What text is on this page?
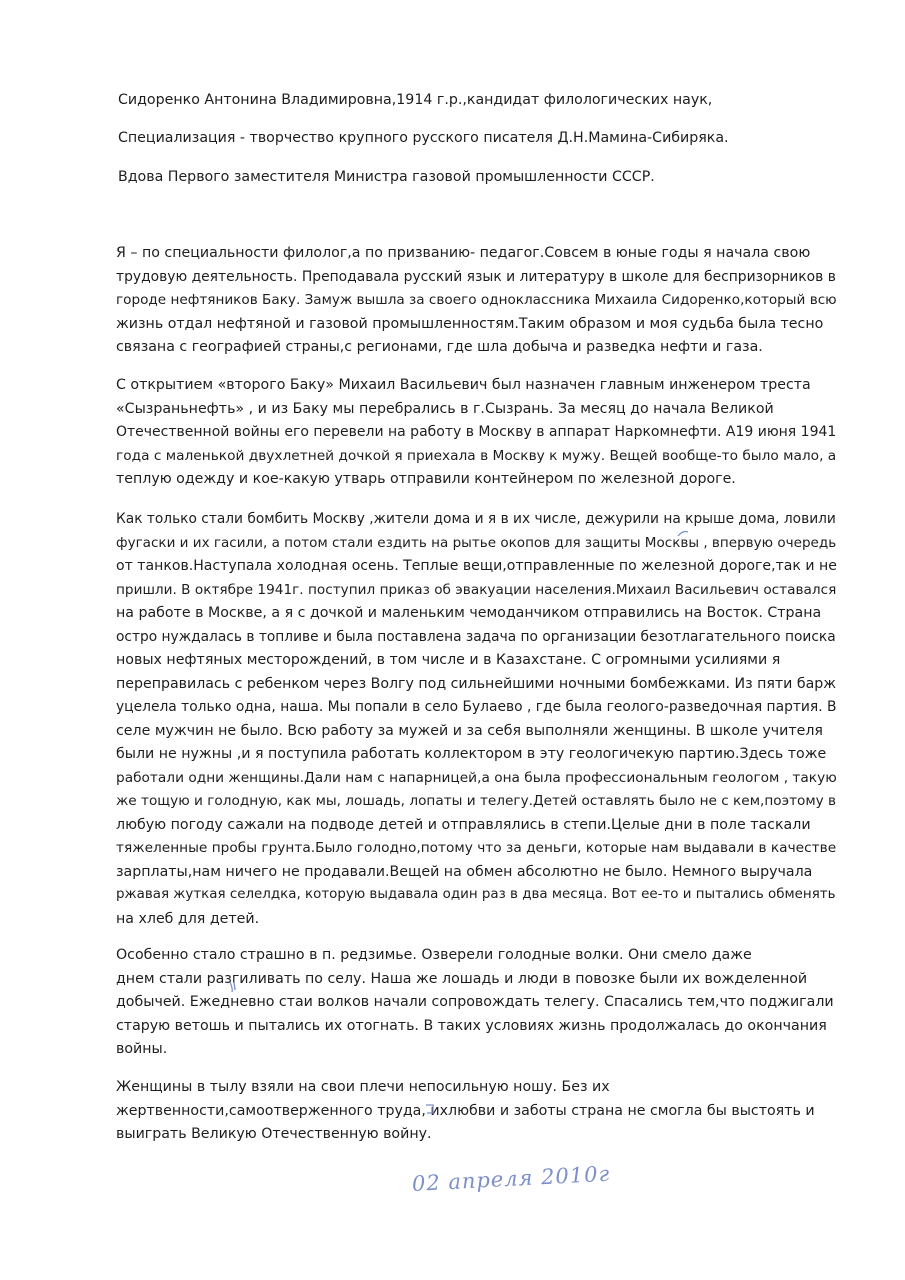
Сидоренко Антонина Владимировна,1914 г.р.,кандидат филологических наук,
Специализация - творчество крупного русского писателя Д.Н.Мамина-Сибиряка.
Вдова Первого заместителя Министра газовой промышленности СССР.
Я – по специальности филолог,а по призванию- педагог.Совсем в юные годы я начала свою
трудовую деятельность. Преподавала русский язык и литературу в школе для беспризорников в
городе нефтяников Баку. Замуж вышла за своего одноклассника Михаила Сидоренко,который всю
жизнь отдал нефтяной и газовой промышленностям.Таким образом и моя судьба была тесно
связана с географией страны,с регионами, где шла добыча и разведка нефти и газа.
С открытием «второго Баку» Михаил Васильевич был назначен главным инженером треста
«Сызраньнефть» , и из Баку мы перебрались в г.Сызрань. За месяц до начала Великой
Отечественной войны его перевели на работу в Москву в аппарат Наркомнефти. А19 июня 1941
года с маленькой двухлетней дочкой я приехала в Москву к мужу. Вещей вообще-то было мало, а
теплую одежду и кое-какую утварь отправили контейнером по железной дороге.
Как только стали бомбить Москву ,жители дома и я в их числе, дежурили на крыше дома, ловили
фугаски и их гасили, а потом стали ездить на рытье окопов для защиты Москвы , впервую очередь
от танков.Наступала холодная осень. Теплые вещи,отправленные по железной дороге,так и не
пришли. В октябре 1941г. поступил приказ об эвакуации населения.Михаил Васильевич оставался
на работе в Москве, а я с дочкой и маленьким чемоданчиком отправились на Восток. Страна
остро нуждалась в топливе и была поставлена задача по организации безотлагательного поиска
новых нефтяных месторождений, в том числе и в Казахстане. С огромными усилиями я
переправилась с ребенком через Волгу под сильнейшими ночными бомбежками. Из пяти барж
уцелела только одна, наша. Мы попали в село Булаево , где была геолого-разведочная партия. В
селе мужчин не было. Всю работу за мужей и за себя выполняли женщины. В школе учителя
были не нужны ,и я поступила работать коллектором в эту геологичекую партию.Здесь тоже
работали одни женщины.Дали нам с напарницей,а она была профессиональным геологом , такую
же тощую и голодную, как мы, лошадь, лопаты и телегу.Детей оставлять было не с кем,поэтому в
любую погоду сажали на подводе детей и отправлялись в степи.Целые дни в поле таскали
тяжеленные пробы грунта.Было голодно,потому что за деньги, которые нам выдавали в качестве
зарплаты,нам ничего не продавали.Вещей на обмен абсолютно не было. Немного выручала
ржавая жуткая селелдка, которую выдавала один раз в два месяца. Вот ее-то и пытались обменять
на хлеб для детей.
Особенно стало страшно в п. редзимье. Озверели голодные волки. Они смело даже
днем стали разгиливать по селу. Наша же лошадь и люди в повозке были их вожделенной
добычей. Ежедневно стаи волков начали сопровождать телегу. Спасались тем,что поджигали
старую ветошь и пытались их отогнать. В таких условиях жизнь продолжалась до окончания
войны.
Женщины в тылу взяли на свои плечи непосильную ношу. Без их
жертвенности,самоотверженного труда, ихлюбви и заботы страна не смогла бы выстоять и
выиграть Великую Отечественную войну.
02 апреля 2010г
